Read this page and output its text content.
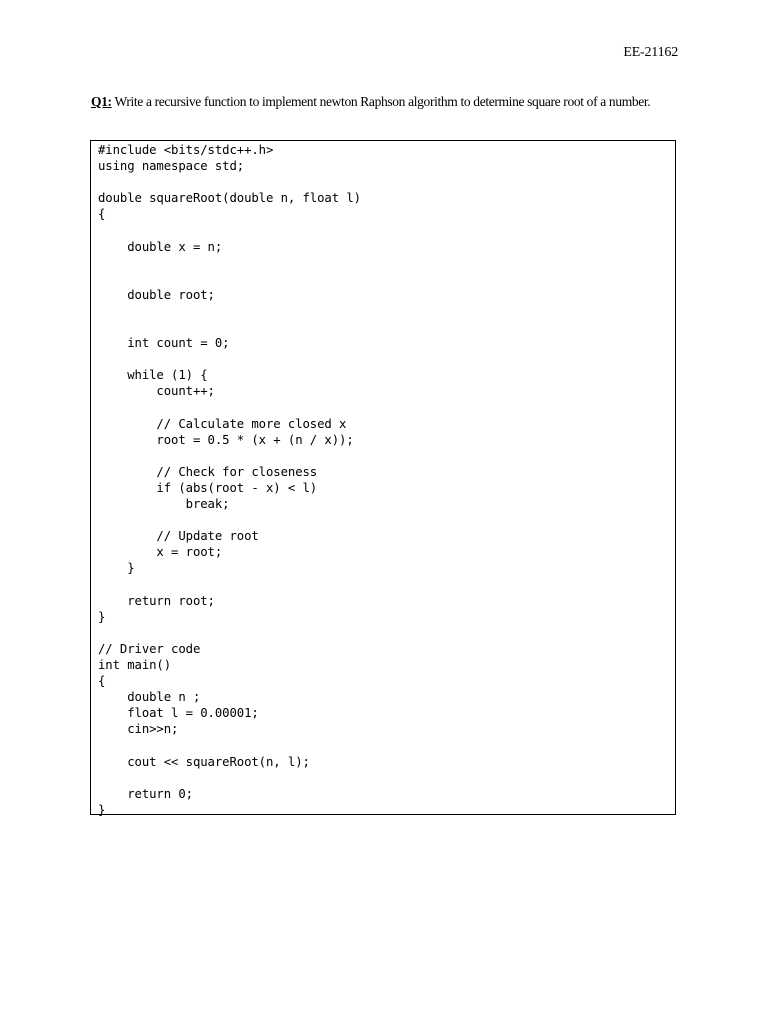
EE-21162
Q1: Write a recursive function to implement newton Raphson algorithm to determine square root of a number.
#include <bits/stdc++.h>
using namespace std;
double squareRoot(double n, float l)
{
double x = n;
double root;
int count = 0;
while (1) {
count++;
// Calculate more closed x
root = 0.5 * (x + (n / x));
// Check for closeness
if (abs(root - x) < l)
break;
// Update root
x = root;
}
return root;
}
// Driver code
int main()
{
double n ;
float l = 0.00001;
cin>>n;
cout << squareRoot(n, l);
return 0;
}
